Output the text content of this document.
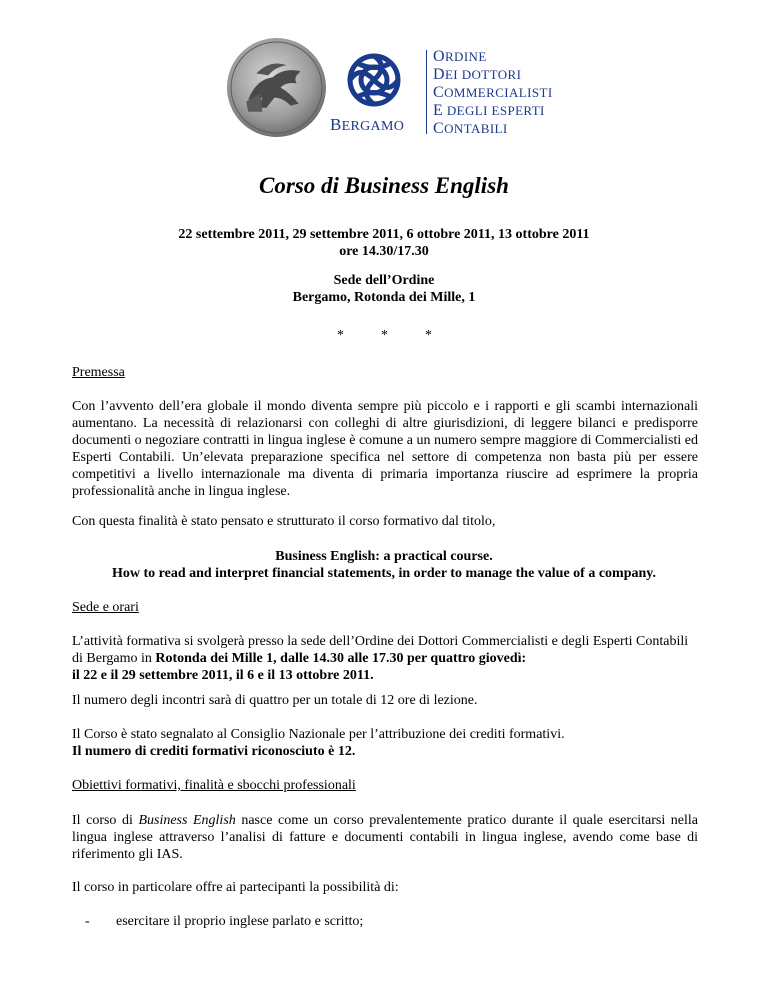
BERGAMO
ORDINE
DEI DOTTORI
COMMERCIALISTI
E DEGLI ESPERTI
CONTABILI
Corso di Business English
22 settembre 2011, 29 settembre 2011, 6 ottobre 2011, 13 ottobre 2011
ore 14.30/17.30
Sede dell’Ordine
Bergamo, Rotonda dei Mille, 1
*	*	*
Premessa
Con l’avvento dell’era globale il mondo diventa sempre più piccolo e i rapporti e gli scambi internazionali aumentano. La necessità di relazionarsi con colleghi di altre giurisdizioni, di leggere bilanci e predisporre documenti o negoziare contratti in lingua inglese è comune a un numero sempre maggiore di Commercialisti ed Esperti Contabili. Un’elevata preparazione specifica nel settore di competenza non basta più per essere competitivi a livello internazionale ma diventa di primaria importanza riuscire ad esprimere la propria professionalità anche in lingua inglese.
Con questa finalità è stato pensato e strutturato il corso formativo dal titolo,
Business English: a practical course.
How to read and interpret financial statements, in order to manage the value of a company.
Sede e orari
L’attività formativa si svolgerà presso la sede dell’Ordine dei Dottori Commercialisti e degli Esperti Contabili di Bergamo in Rotonda dei Mille 1, dalle 14.30 alle 17.30 per quattro giovedì:
il 22 e il 29 settembre 2011, il 6 e il 13 ottobre 2011.
Il numero degli incontri sarà di quattro per un totale di 12 ore di lezione.
Il Corso è stato segnalato al Consiglio Nazionale per l’attribuzione dei crediti formativi.
Il numero di crediti formativi riconosciuto è 12.
Obiettivi formativi, finalità e sbocchi professionali
Il corso di Business English nasce come un corso prevalentemente pratico durante il quale esercitarsi nella lingua inglese attraverso l’analisi di fatture e documenti contabili in lingua inglese, avendo come base di riferimento gli IAS.
Il corso in particolare offre ai partecipanti la possibilità di:
- esercitare il proprio inglese parlato e scritto;
